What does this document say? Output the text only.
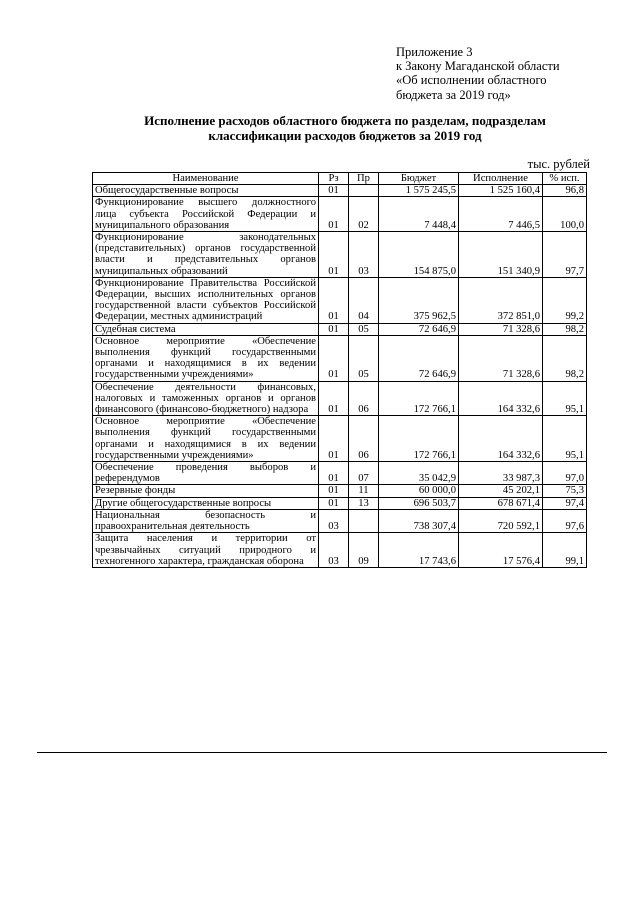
Приложение 3
к Закону Магаданской области
«Об исполнении областного
бюджета за 2019 год»
Исполнение расходов областного бюджета по разделам, подразделам
классификации расходов бюджетов за 2019 год
тыс. рублей
Наименование	Рз	Пр	Бюджет	Исполнение	% исп.
Общегосударственные вопросы	01		1 575 245,5	1 525 160,4	96,8
Функционирование высшего должностного лица субъекта Российской Федерации и муниципального образования	01	02	7 448,4	7 446,5	100,0
Функционирование законодательных (представительных) органов государственной власти и представительных органов муниципальных образований	01	03	154 875,0	151 340,9	97,7
Функционирование Правительства Российской Федерации, высших исполнительных органов государственной власти субъектов Российской Федерации, местных администраций	01	04	375 962,5	372 851,0	99,2
Судебная система	01	05	72 646,9	71 328,6	98,2
Основное мероприятие «Обеспечение выполнения функций государственными органами и находящимися в их ведении государственными учреждениями»	01	05	72 646,9	71 328,6	98,2
Обеспечение деятельности финансовых, налоговых и таможенных органов и органов финансового (финансово-бюджетного) надзора	01	06	172 766,1	164 332,6	95,1
Основное мероприятие «Обеспечение выполнения функций государственными органами и находящимися в их ведении государственными учреждениями»	01	06	172 766,1	164 332,6	95,1
Обеспечение проведения выборов и референдумов	01	07	35 042,9	33 987,3	97,0
Резервные фонды	01	11	60 000,0	45 202,1	75,3
Другие общегосударственные вопросы	01	13	696 503,7	678 671,4	97,4
Национальная безопасность и правоохранительная деятельность	03		738 307,4	720 592,1	97,6
Защита населения и территории от чрезвычайных ситуаций природного и техногенного характера, гражданская оборона	03	09	17 743,6	17 576,4	99,1
